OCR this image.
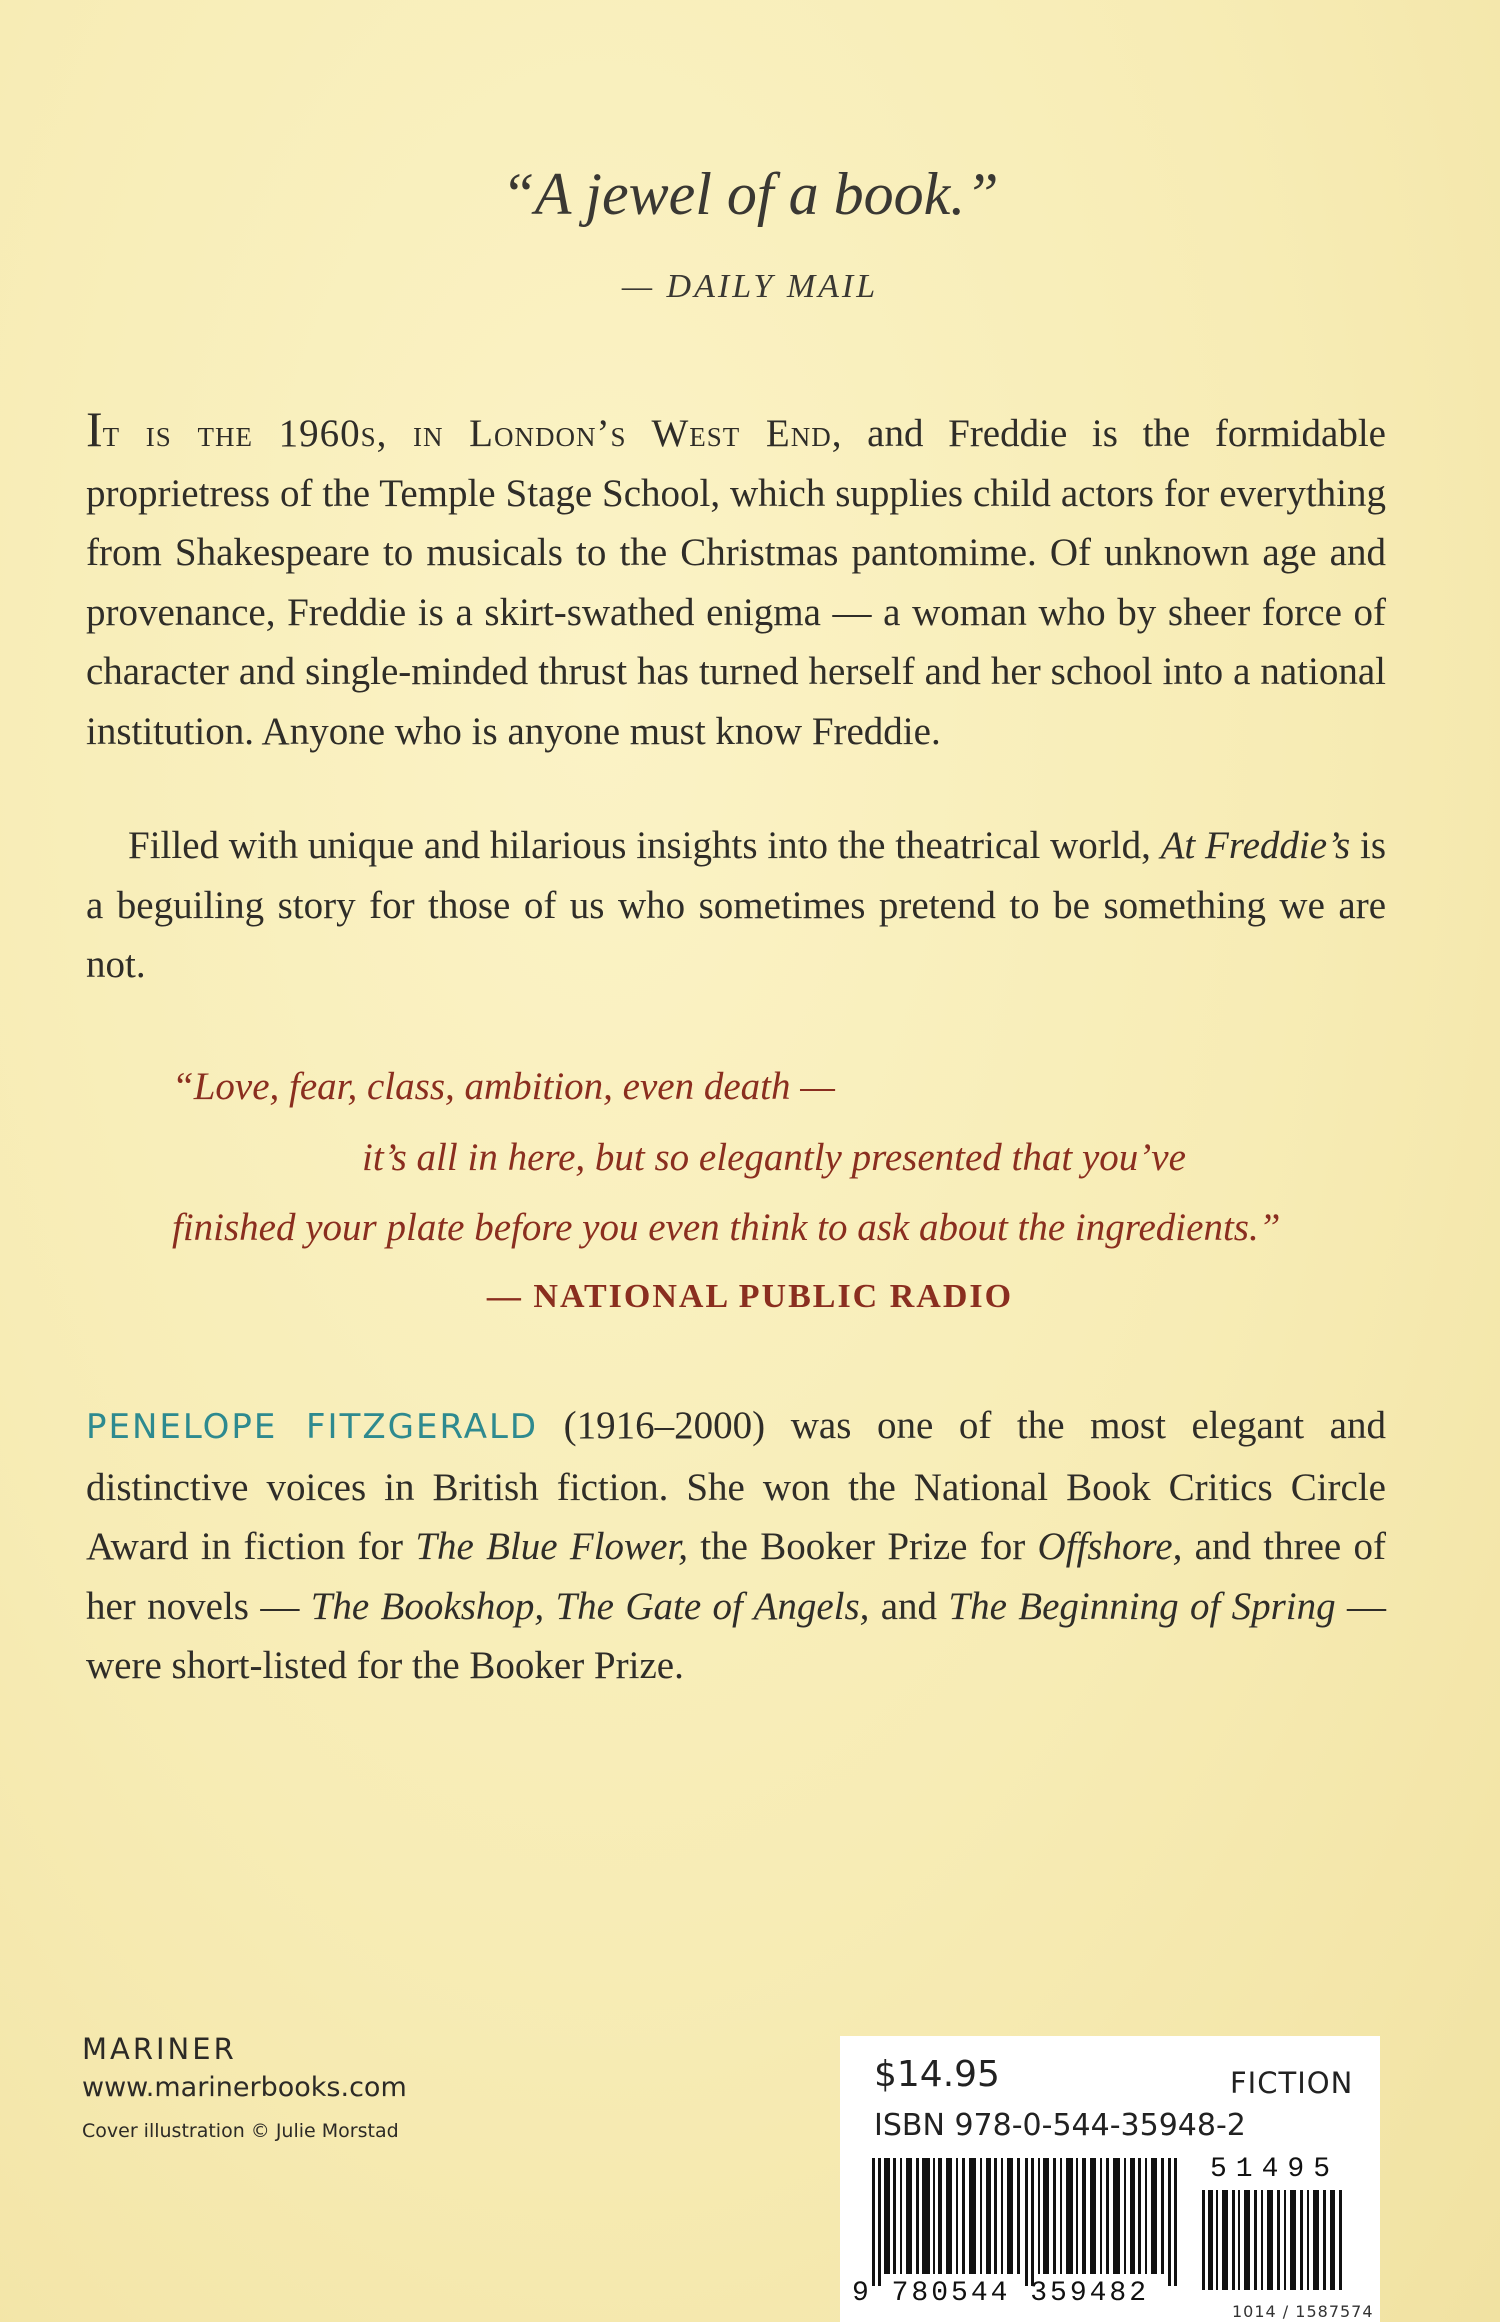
“A jewel of a book.”
— DAILY MAIL
It is the 1960s, in London’s West End, and Freddie is the formidable proprietress of the Temple Stage School, which supplies child actors for everything from Shakespeare to musicals to the Christmas pantomime. Of unknown age and provenance, Freddie is a skirt-swathed enigma — a woman who by sheer force of character and single-minded thrust has turned herself and her school into a national institution. Anyone who is anyone must know Freddie.
Filled with unique and hilarious insights into the theatrical world, At Freddie’s is a beguiling story for those of us who sometimes pretend to be something we are not.
“Love, fear, class, ambition, even death —
it’s all in here, but so elegantly presented that you’ve
finished your plate before you even think to ask about the ingredients.”
— NATIONAL PUBLIC RADIO
PENELOPE FITZGERALD (1916–2000) was one of the most elegant and distinctive voices in British fiction. She won the National Book Critics Circle Award in fiction for The Blue Flower, the Booker Prize for Offshore, and three of her novels — The Bookshop, The Gate of Angels, and The Beginning of Spring — were short-listed for the Booker Prize.
MARINER
www.marinerbooks.com
Cover illustration © Julie Morstad
$14.95	FICTION
ISBN 978-0-544-35948-2
9 780544 359482
51495
1014 / 1587574
